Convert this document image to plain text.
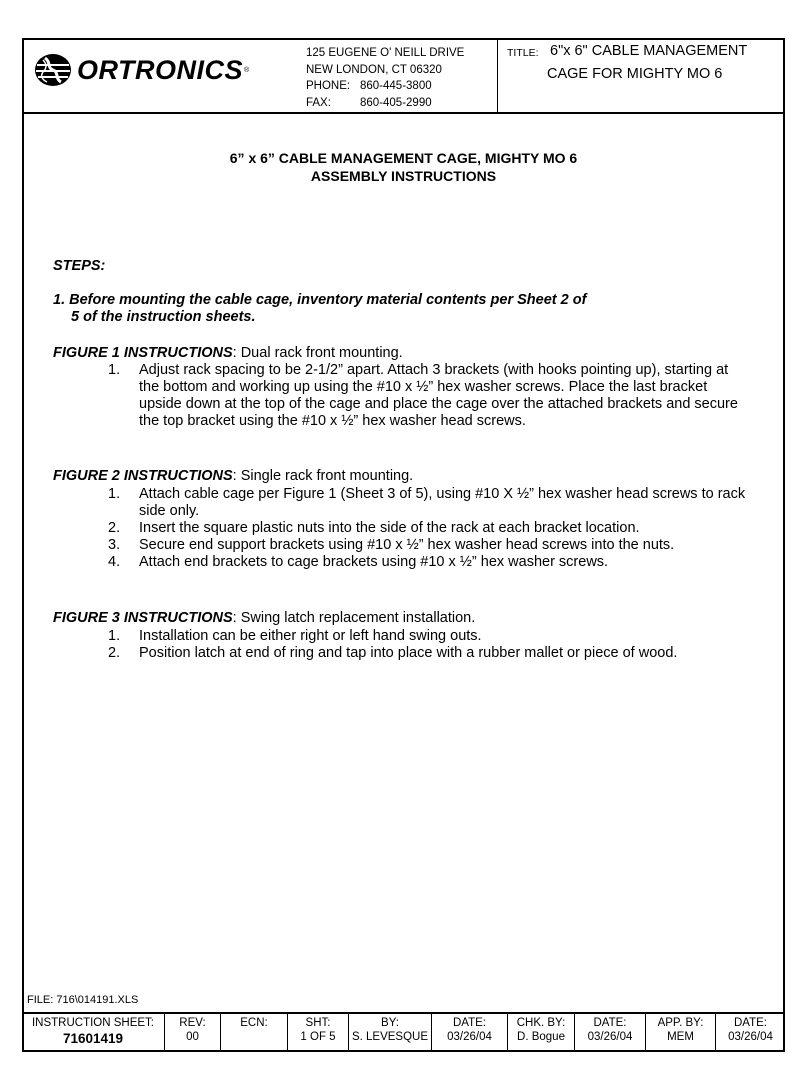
ORTRONICS ®
125 EUGENE O' NEILL DRIVE
NEW LONDON, CT 06320
PHONE: 860-445-3800
FAX:	860-405-2990
TITLE: 6"x 6" CABLE MANAGEMENT
CAGE FOR MIGHTY MO 6
6” x 6” CABLE MANAGEMENT CAGE, MIGHTY MO 6
ASSEMBLY INSTRUCTIONS
STEPS:
1. Before mounting the cable cage, inventory material contents per Sheet 2 of
5 of the instruction sheets.
FIGURE 1 INSTRUCTIONS: Dual rack front mounting.
1.	Adjust rack spacing to be 2-1/2” apart. Attach 3 brackets (with hooks pointing up), starting at the bottom and working up using the #10 x ½” hex washer screws. Place the last bracket upside down at the top of the cage and place the cage over the attached brackets and secure the top bracket using the #10 x ½” hex washer head screws.
FIGURE 2 INSTRUCTIONS: Single rack front mounting.
1.	Attach cable cage per Figure 1 (Sheet 3 of 5), using #10 X ½” hex washer head screws to rack side only.
2.	Insert the square plastic nuts into the side of the rack at each bracket location.
3.	Secure end support brackets using #10 x ½” hex washer head screws into the nuts.
4.	Attach end brackets to cage brackets using #10 x ½” hex washer screws.
FIGURE 3 INSTRUCTIONS: Swing latch replacement installation.
1.	Installation can be either right or left hand swing outs.
2.	Position latch at end of ring and tap into place with a rubber mallet or piece of wood.
FILE: 716\014191.XLS
INSTRUCTION SHEET:
71601419
REV:
00
ECN:	SHT:
1 OF 5
BY:
S. LEVESQUE
DATE:
03/26/04
CHK. BY:
D. Bogue
DATE:
03/26/04
APP. BY:
MEM
DATE:
03/26/04
